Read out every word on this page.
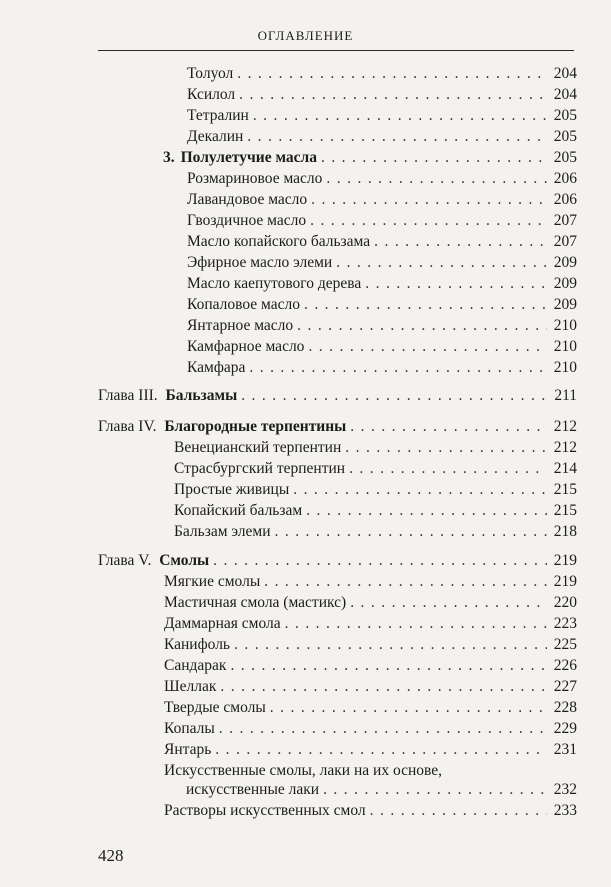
ОГЛАВЛЕНИЕ
Толуол . . .	204
Ксилол . . .	204
Тетралин . . .	205
Декалин . . .	205
3. Полулетучие масла . . .	205
Розмариновое масло . . .	206
Лавандовое масло . . .	206
Гвоздичное масло . . .	207
Масло копайского бальзама . . .	207
Эфирное масло элеми . . .	209
Масло каепутового дерева . . .	209
Копаловое масло . . .	209
Янтарное масло . . .	210
Камфарное масло . . .	210
Камфара . . .	210
Глава III. Бальзамы . . .	211
Глава IV. Благородные терпентины . . .	212
Венецианский терпентин . . .	212
Страсбургский терпентин . . .	214
Простые живицы . . .	215
Копайский бальзам . . .	215
Бальзам элеми . . .	218
Глава V. Смолы . . .	219
Мягкие смолы . . .	219
Мастичная смола (мастикс) . . .	220
Даммарная смола . . .	223
Канифоль . . .	225
Сандарак . . .	226
Шеллак . . .	227
Твердые смолы . . .	228
Копалы . . .	229
Янтарь . . .	231
Искусственные смолы, лаки на их основе,
искусственные лаки . . .	232
Растворы искусственных смол . . .	233
428
